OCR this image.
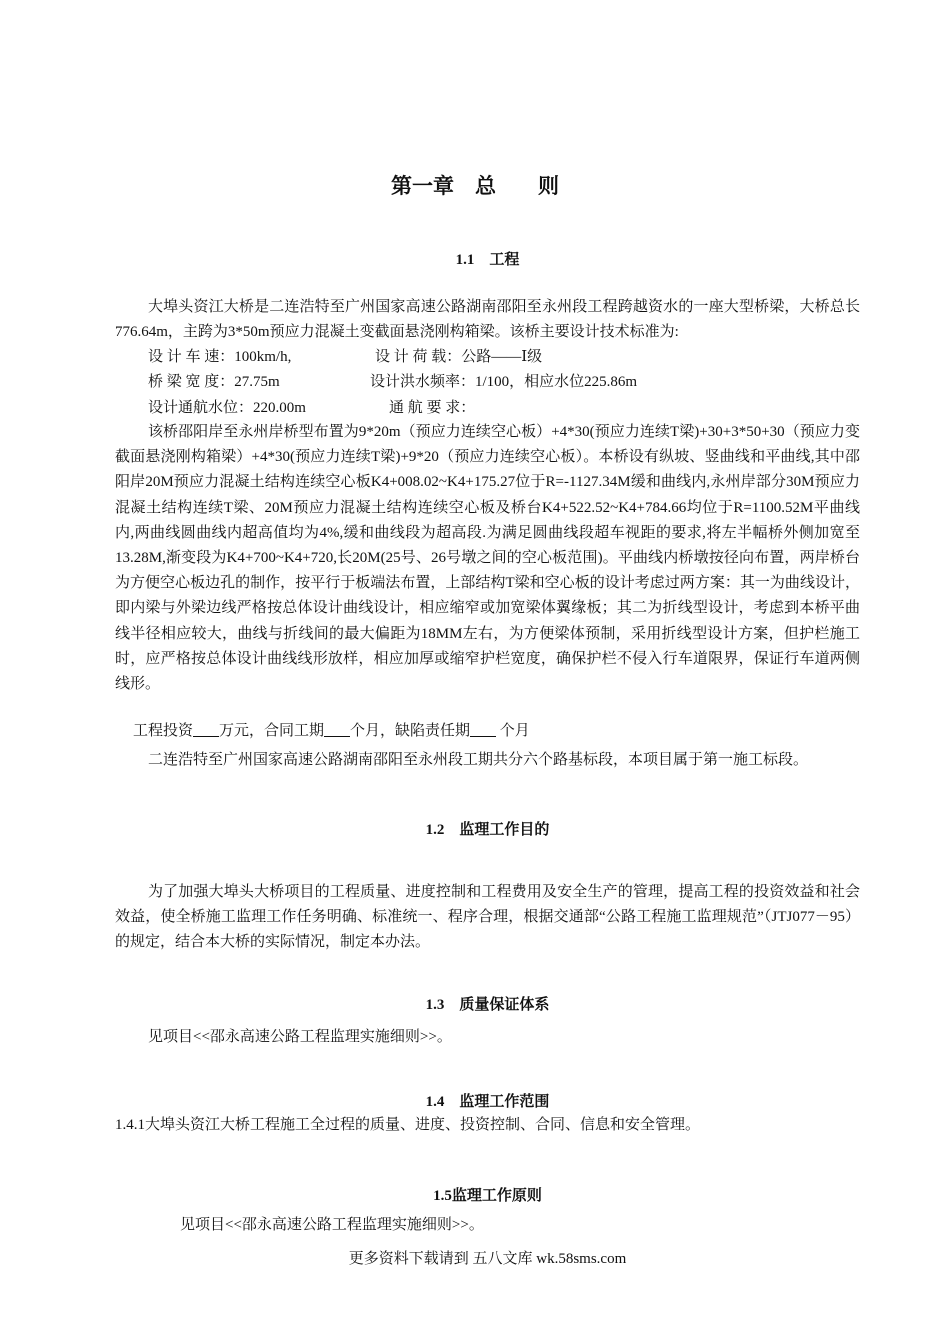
第一章　总　　则
1.1　工程
大埠头资江大桥是二连浩特至广州国家高速公路湖南邵阳至永州段工程跨越资水的一座大型桥梁，大桥总长776.64m，主跨为3*50m预应力混凝土变截面悬浇刚构箱梁。该桥主要设计技术标准为:
设 计 车 速：100km/h,	设 计 荷 载：公路——Ⅰ级
桥 梁 宽 度：27.75m	设计洪水频率：1/100，相应水位225.86m
设计通航水位：220.00m	通 航 要 求：
该桥邵阳岸至永州岸桥型布置为9*20m（预应力连续空心板）+4*30(预应力连续T梁)+30+3*50+30（预应力变截面悬浇刚构箱梁）+4*30(预应力连续T梁)+9*20（预应力连续空心板）。本桥设有纵坡、竖曲线和平曲线,其中邵阳岸20M预应力混凝土结构连续空心板K4+008.02~K4+175.27位于R=-1127.34M缓和曲线内,永州岸部分30M预应力混凝土结构连续T梁、20M预应力混凝土结构连续空心板及桥台K4+522.52~K4+784.66均位于R=1100.52M平曲线内,两曲线圆曲线内超高值均为4%,缓和曲线段为超高段.为满足圆曲线段超车视距的要求,将左半幅桥外侧加宽至13.28M,渐变段为K4+700~K4+720,长20M(25号、26号墩之间的空心板范围)。平曲线内桥墩按径向布置，两岸桥台为方便空心板边孔的制作，按平行于板端法布置，上部结构T梁和空心板的设计考虑过两方案：其一为曲线设计，即内梁与外梁边线严格按总体设计曲线设计，相应缩窄或加宽梁体翼缘板；其二为折线型设计，考虑到本桥平曲线半径相应较大，曲线与折线间的最大偏距为18MM左右，为方便梁体预制，采用折线型设计方案，但护栏施工时，应严格按总体设计曲线线形放样，相应加厚或缩窄护栏宽度，确保护栏不侵入行车道限界，保证行车道两侧线形。
工程投资 万元，合同工期 个月，缺陷责任期 个月
二连浩特至广州国家高速公路湖南邵阳至永州段工期共分六个路基标段，本项目属于第一施工标段。
1.2　监理工作目的
为了加强大埠头大桥项目的工程质量、进度控制和工程费用及安全生产的管理，提高工程的投资效益和社会效益，使全桥施工监理工作任务明确、标准统一、程序合理，根据交通部“公路工程施工监理规范”（JTJ077－95）的规定，结合本大桥的实际情况，制定本办法。
1.3　质量保证体系
见项目<<邵永高速公路工程监理实施细则>>。
1.4　监理工作范围
1.4.1大埠头资江大桥工程施工全过程的质量、进度、投资控制、合同、信息和安全管理。
1.5监理工作原则
见项目<<邵永高速公路工程监理实施细则>>。
更多资料下载请到 五八文库 wk.58sms.com
